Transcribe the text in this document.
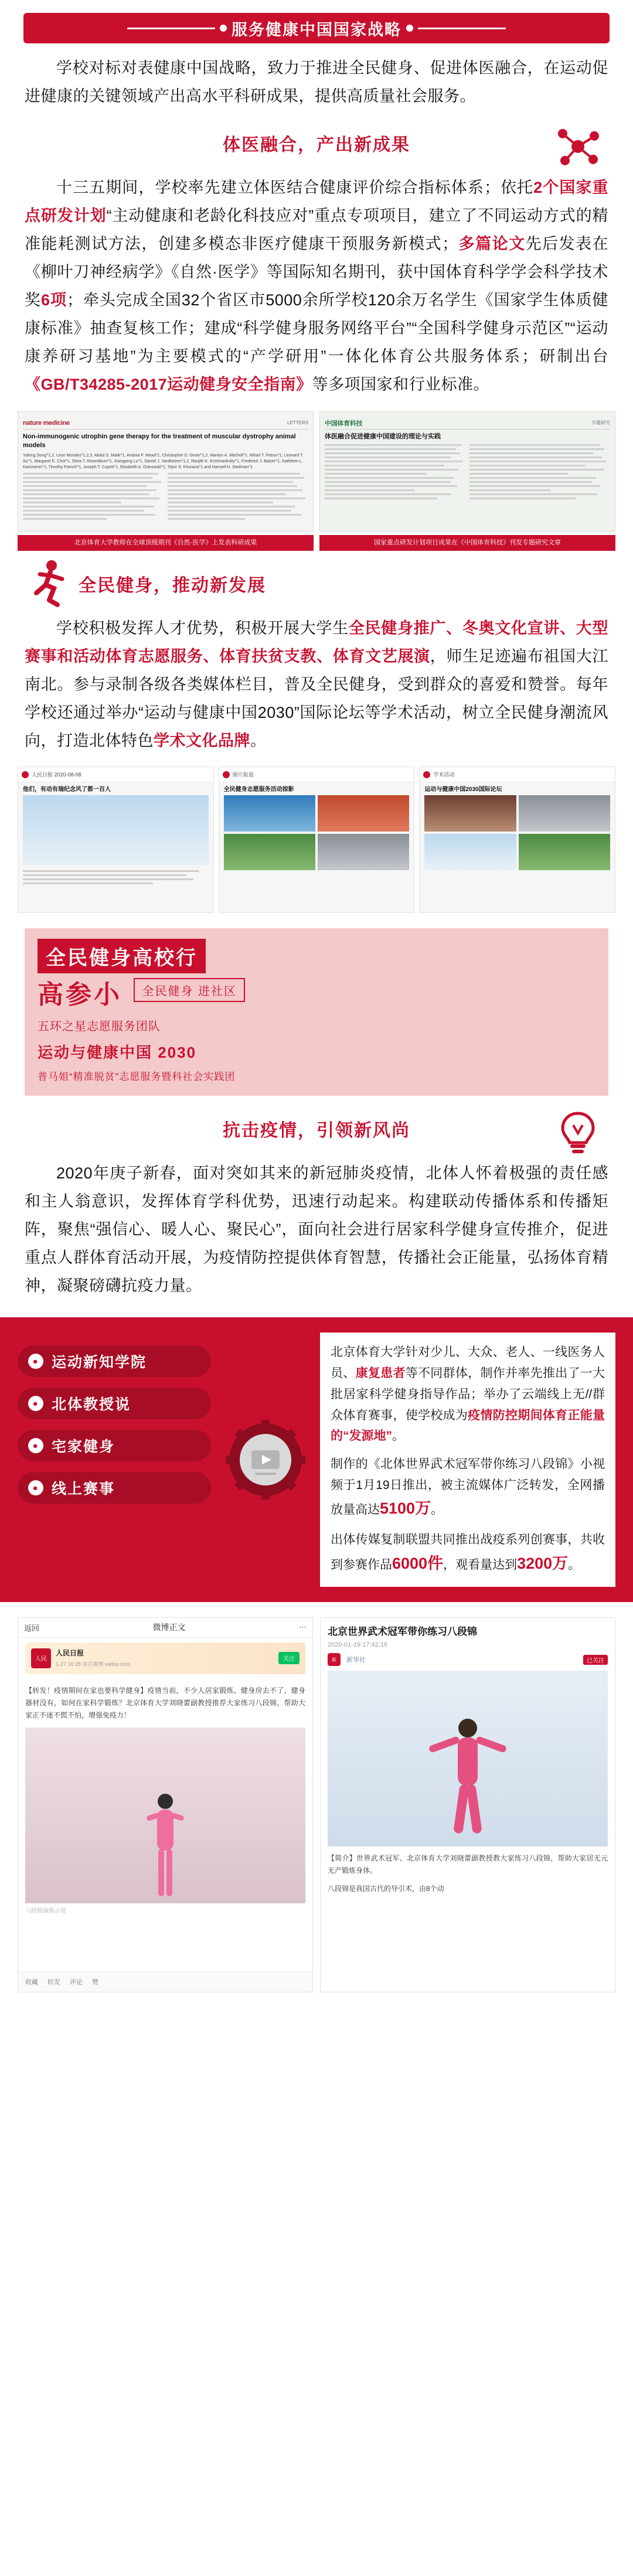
服务健康中国国家战略
学校对标对表健康中国战略，致力于推进全民健身、促进体医融合，在运动促进健康的关键领域产出高水平科研成果，提供高质量社会服务。
体医融合，产出新成果
十三五期间，学校率先建立体医结合健康评价综合指标体系；依托2个国家重点研发计划“主动健康和老龄化科技应对”重点专项项目，建立了不同运动方式的精准能耗测试方法，创建多模态非医疗健康干预服务新模式；多篇论文先后发表在《柳叶刀神经病学》《自然·医学》等国际知名期刊，获中国体育科学学会科学技术奖6项；牵头完成全国32个省区市5000余所学校120余万名学生《国家学生体质健康标准》抽查复核工作；建成“科学健身服务网络平台”“全国科学健身示范区”“运动康养研习基地”为主要模式的“产学研用”一体化体育公共服务体系；研制出台《GB/T34285-2017运动健身安全指南》等多项国家和行业标准。
nature medicine	LETTERS
Non-immunogenic utrophin gene therapy for the treatment of muscular dystrophy animal models
Yafeng Song^1,2, Leon Morales^1,2,3, Abdul S. Malik^1, Andrea F. Mead^1, Christopher D. Greer^1,2, Marilyn A. Mitchell^1, Mihail T. Petrov^1, Leonard T. Su^1, Margaret E. Choi^1, Shira T. Rosenblum^1, Xiangping Lu^1, Daniel J. VanBelzen^1,2, Ranjith K. Krishnankutty^1, Frederick J. Balzer^1, Kathleen L. Kammerer^1, Timothy French^1, Joseph T. Copeti^1, Elizabeth A. Ostrowski^1, Tejvir S. Khurana^1 and Hansell H. Stedman^1
中国体育科技	专题研究
体医融合促进健康中国建设的理论与实践
北京体育大学教师在全球顶级期刊《自然·医学》上发表科研成果	国家重点研发计划项目成果在《中国体育科技》刊发专题研究文章
全民健身，推动新发展
学校积极发挥人才优势，积极开展大学生全民健身推广、冬奥文化宣讲、大型赛事和活动体育志愿服务、体育扶贫支教、体育文艺展演，师生足迹遍布祖国大江南北。参与录制各级各类媒体栏目，普及全民健身，受到群众的喜爱和赞誉。每年学校还通过举办“运动与健康中国2030”国际论坛等学术活动，树立全民健身潮流风向，打造北体特色学术文化品牌。
人民日报 2020-08-08
他们，有动有瑞纪念风了都一百人
图片报道
全民健身志愿服务活动掠影
学术活动
运动与健康中国2030国际论坛
全民健身高校行
高参小 全民健身 进社区
五环之星志愿服务团队
运动与健康中国 2030
普马姐“精准脱贫”志愿服务暨科社会实践团
抗击疫情，引领新风尚
2020年庚子新春，面对突如其来的新冠肺炎疫情，北体人怀着极强的责任感和主人翁意识，发挥体育学科优势，迅速行动起来。构建联动传播体系和传播矩阵，聚焦“强信心、暖人心、聚民心”，面向社会进行居家科学健身宣传推介，促进重点人群体育活动开展，为疫情防控提供体育智慧，传播社会正能量，弘扬体育精神，凝聚磅礴抗疫力量。
● 运动新知学院
● 北体教授说
● 宅家健身
● 线上赛事

北京体育大学针对少儿、大众、老人、一线医务人员、康复患者等不同群体，制作并率先推出了一大批居家科学健身指导作品；举办了云端线上无//群众体育赛事，使学校成为疫情防控期间体育正能量的“发源地”。

制作的《北体世界武术冠军带你练习八段锦》小视频于1月19日推出，被主流媒体广泛转发，全网播放量高达5100万。

出体传媒复制联盟共同推出战疫系列创赛事，共收到参赛作品6000件，观看量达到3200万。

返回	微博正文	⋯
人民
人民日报
1-27 16:28 来自微博 weibo.com
关注
【转发！疫情期间在家也要科学健身】疫情当前，不少人居家锻炼。健身房去不了，健身器材没有，如何在家科学锻炼？北京体育大学刘晓蕾副教授推荐大家练习八段锦，帮助大家正不迷不慌不怕，增强免疫力！
八段锦演练示范
收藏 转发 评论 赞
北京世界武术冠军带你练习八段锦
2020-01-19 17:42:16
新	新华社	已关注
【简介】世界武术冠军、北京体育大学刘晓蕾副教授教大家练习八段锦，帮助大家居无元无产锻炼身体。
八段锦是我国古代的导引术，由8个动
